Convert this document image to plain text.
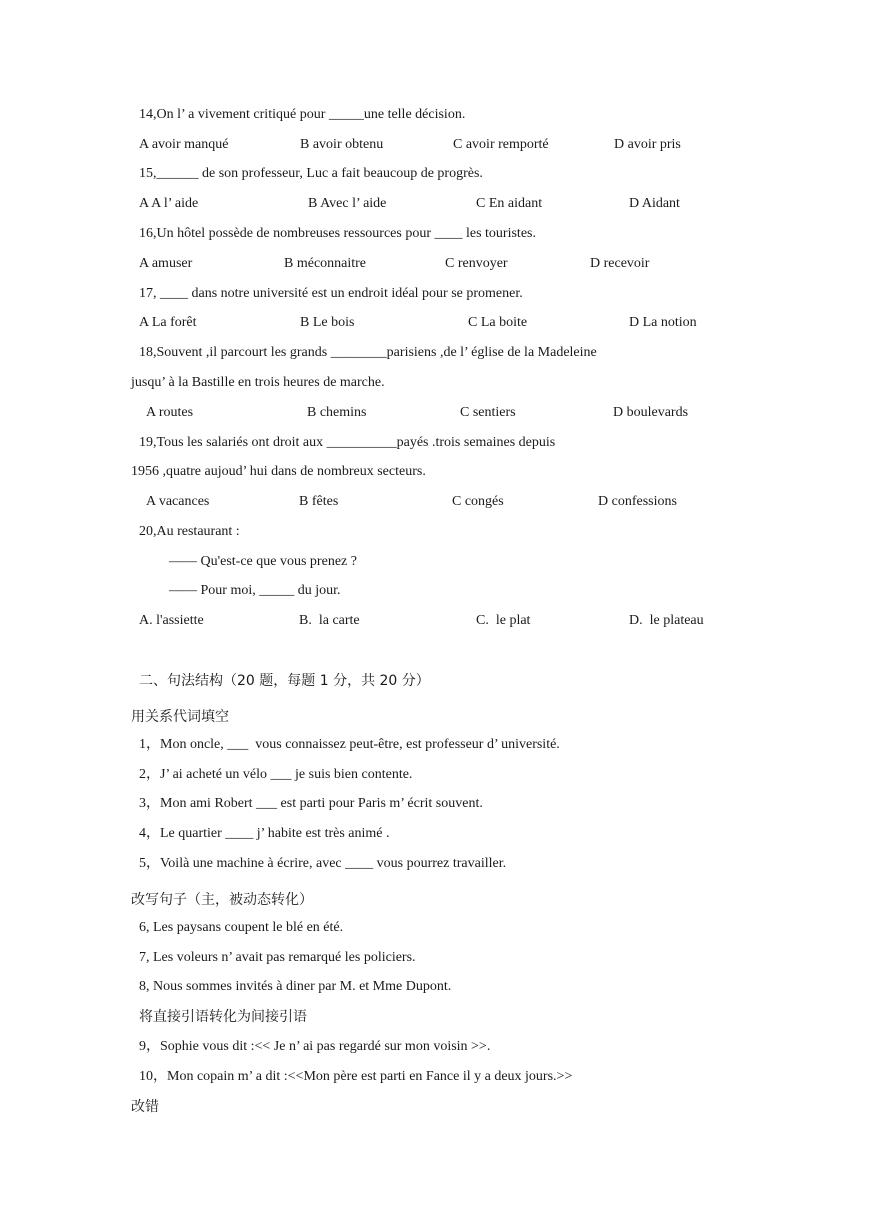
14,On l’ a vivement critiqué pour _____une telle décision.
A avoir manqué	B avoir obtenu	C avoir remporté	D avoir pris
15,______ de son professeur, Luc a fait beaucoup de progrès.
A A l’ aide	B Avec l’ aide	C En aidant	D Aidant
16,Un hôtel possède de nombreuses ressources pour ____ les touristes.
A amuser	B méconnaitre	C renvoyer	D recevoir
17, ____ dans notre université est un endroit idéal pour se promener.
A La forêt	B Le bois	C La boite	D La notion
18,Souvent ,il parcourt les grands ________parisiens ,de l’ église de la Madeleine
jusqu’ à la Bastille en trois heures de marche.
A routes	B chemins	C sentiers	D boulevards
19,Tous les salariés ont droit aux __________payés .trois semaines depuis
1956 ,quatre aujoud’ hui dans de nombreux secteurs.
A vacances	B fêtes	C congés	D confessions
20,Au restaurant :
—— Qu'est-ce que vous prenez ?
—— Pour moi, _____ du jour.
A. l'assiette	B.  la carte	C.  le plat	D.  le plateau
二、句法结构（20 题，每题 1 分，共 20 分）
用关系代词填空
1，Mon oncle, ___  vous connaissez peut-être, est professeur d’ université.
2，J’ ai acheté un vélo ___ je suis bien contente.
3，Mon ami Robert ___ est parti pour Paris m’ écrit souvent.
4，Le quartier ____ j’ habite est très animé .
5，Voilà une machine à écrire, avec ____ vous pourrez travailler.
改写句子（主，被动态转化）
6, Les paysans coupent le blé en été.
7, Les voleurs n’ avait pas remarqué les policiers.
8, Nous sommes invités à diner par M. et Mme Dupont.
将直接引语转化为间接引语
9，Sophie vous dit :<< Je n’ ai pas regardé sur mon voisin >>.
10，Mon copain m’ a dit :<<Mon père est parti en Fance il y a deux jours.>>
改错
